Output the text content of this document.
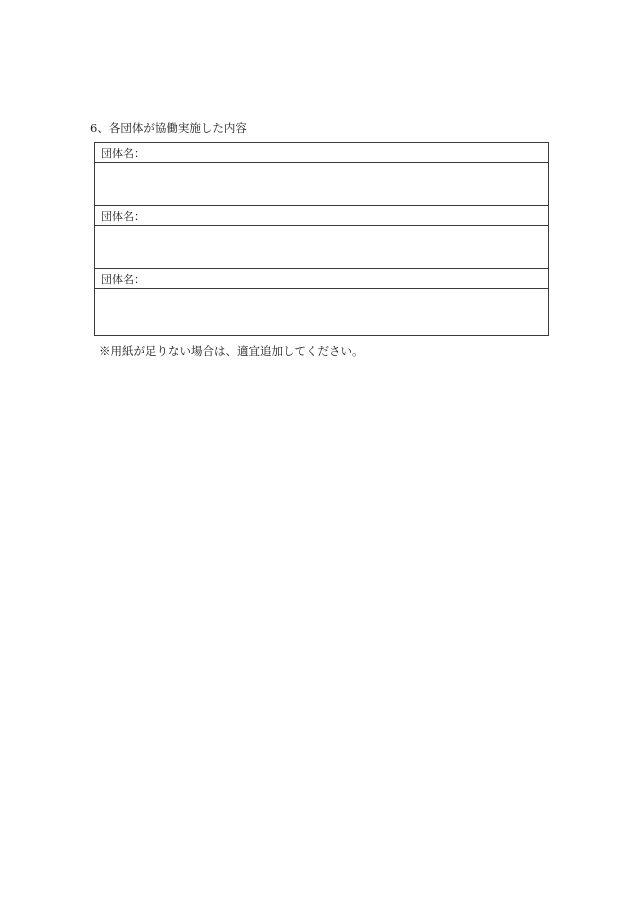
6、各団体が協働実施した内容
団体名：

団体名：

団体名：

※用紙が足りない場合は、適宜追加してください。
